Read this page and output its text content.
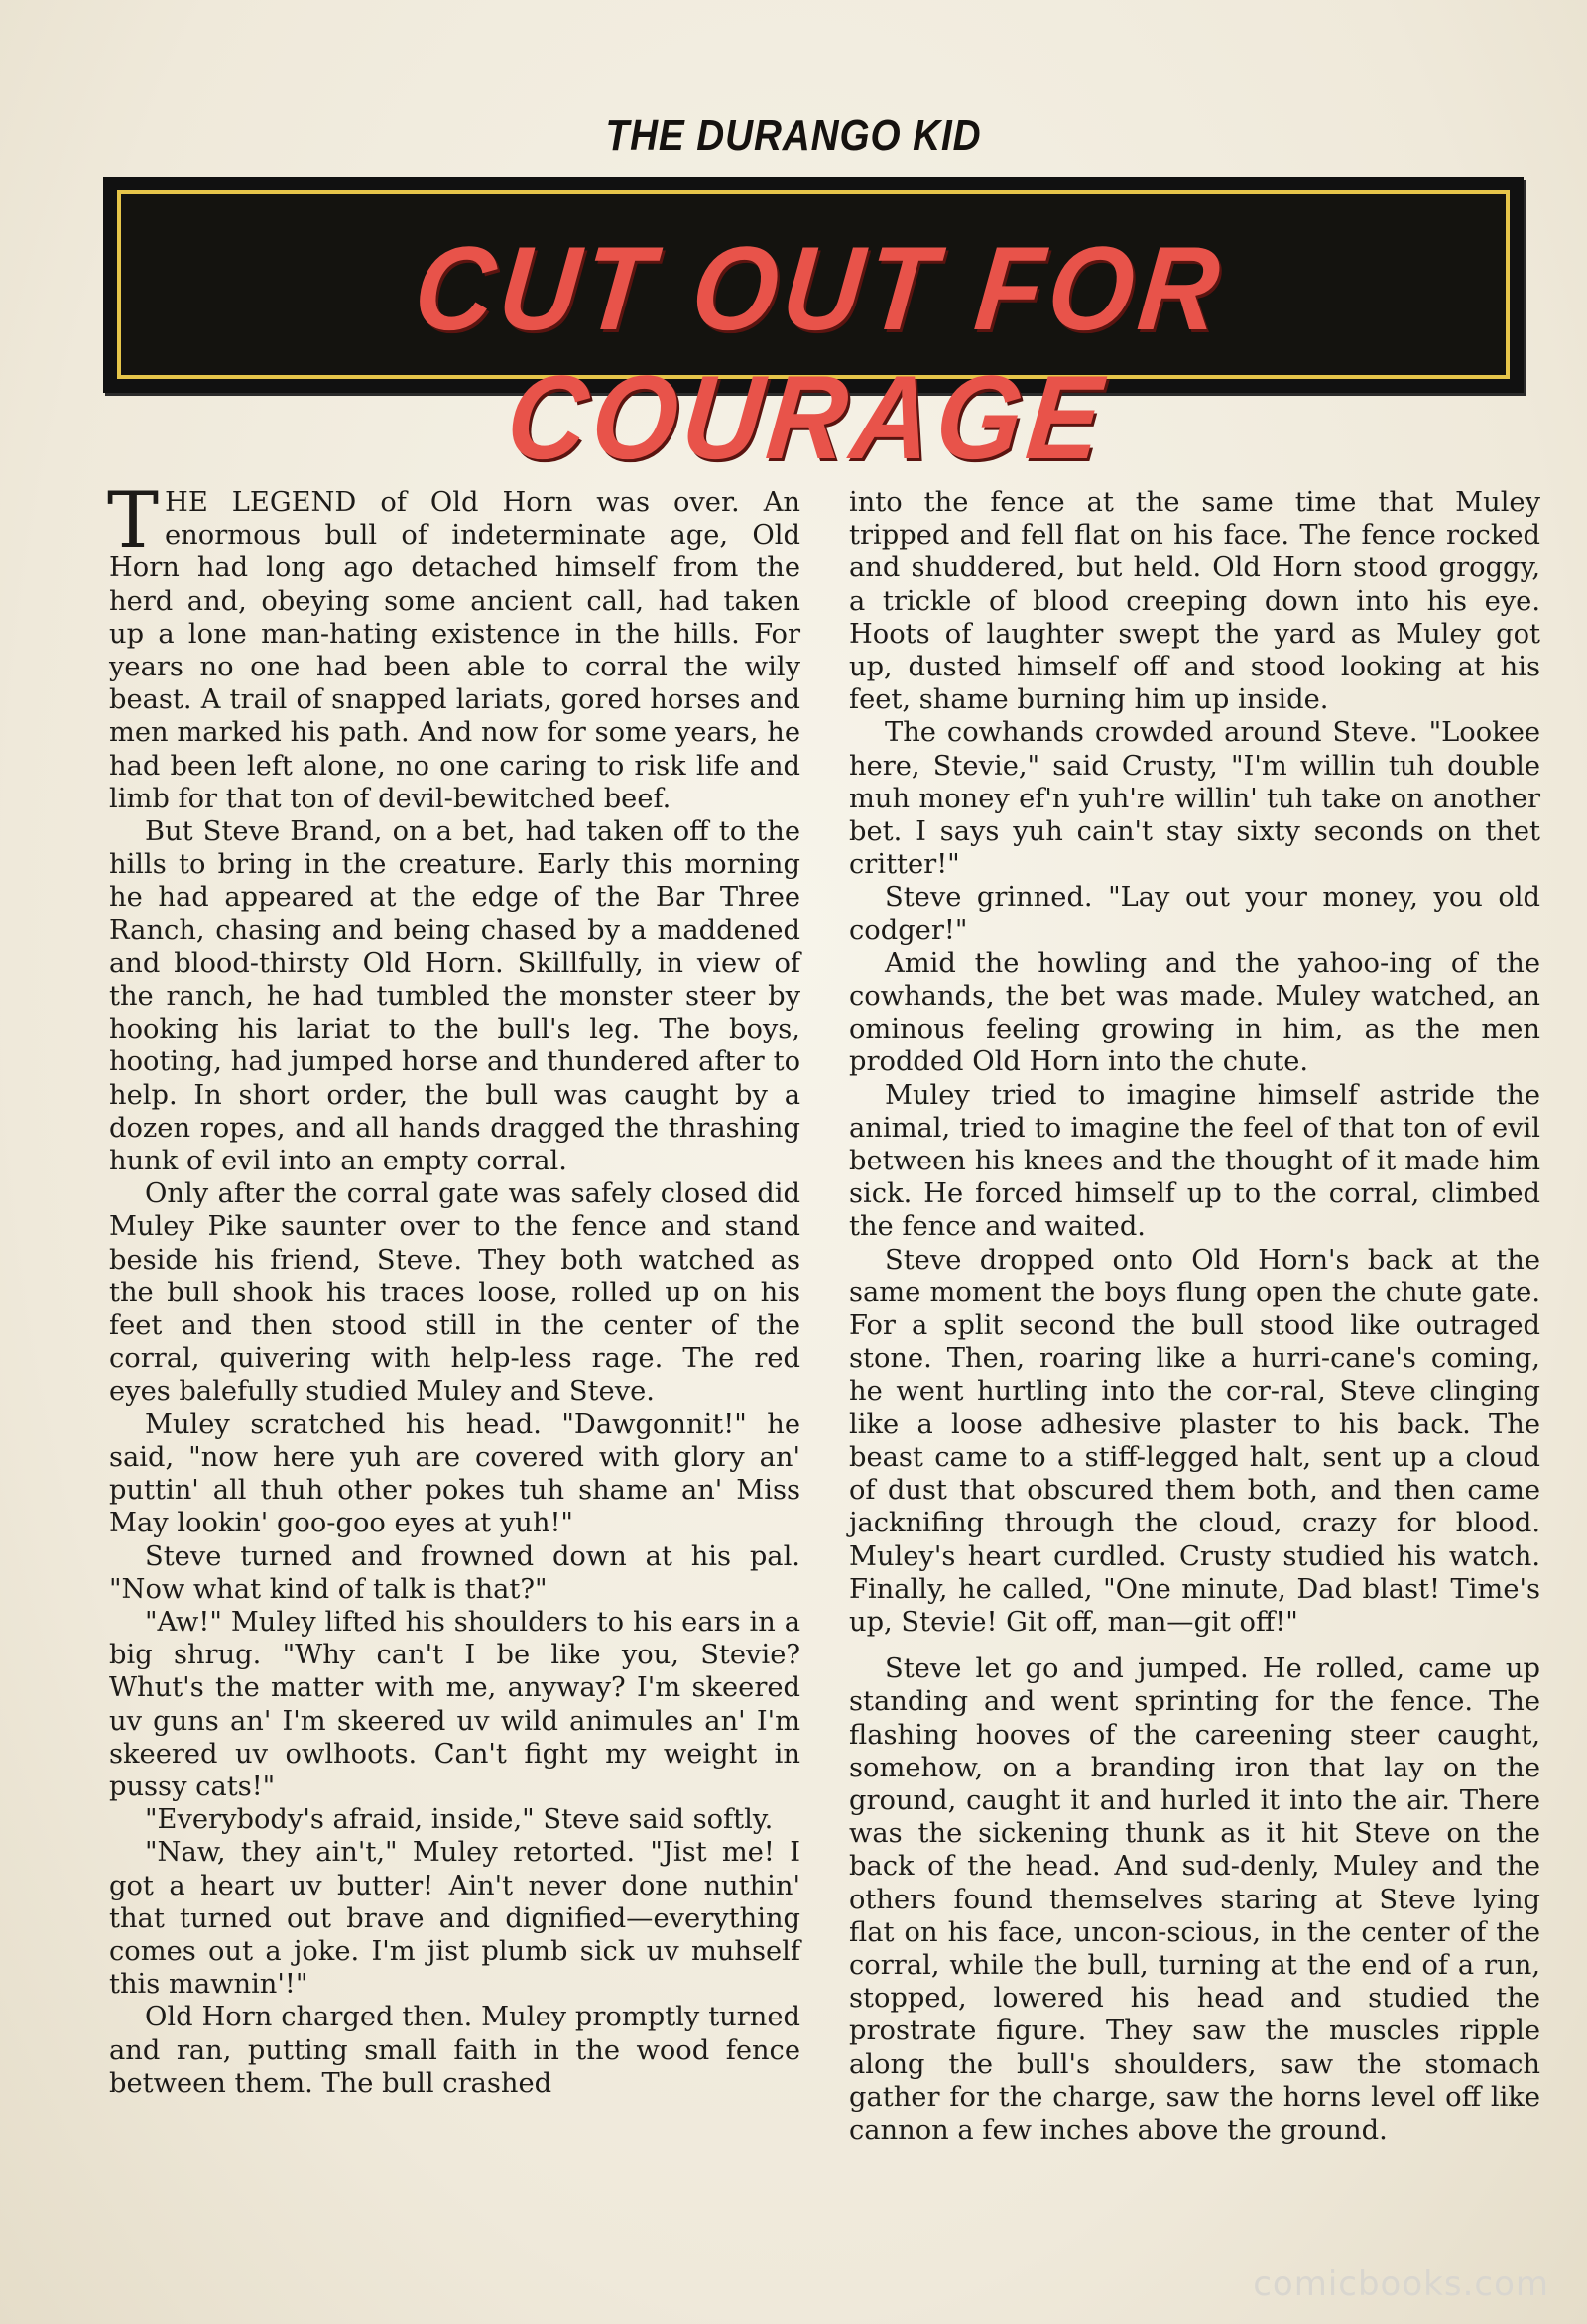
THE DURANGO KID
CUT OUT FOR COURAGE

THE LEGEND of Old Horn was over. An enormous bull of indeterminate age, Old Horn had long ago detached himself from the herd and, obeying some ancient call, had taken up a lone man-hating existence in the hills. For years no one had been able to corral the wily beast. A trail of snapped lariats, gored horses and men marked his path. And now for some years, he had been left alone, no one caring to risk life and limb for that ton of devil-bewitched beef.

But Steve Brand, on a bet, had taken off to the hills to bring in the creature. Early this morning he had appeared at the edge of the Bar Three Ranch, chasing and being chased by a maddened and blood-thirsty Old Horn. Skillfully, in view of the ranch, he had tumbled the monster steer by hooking his lariat to the bull's leg. The boys, hooting, had jumped horse and thundered after to help. In short order, the bull was caught by a dozen ropes, and all hands dragged the thrashing hunk of evil into an empty corral.

Only after the corral gate was safely closed did Muley Pike saunter over to the fence and stand beside his friend, Steve. They both watched as the bull shook his traces loose, rolled up on his feet and then stood still in the center of the corral, quivering with help-less rage. The red eyes balefully studied Muley and Steve.

Muley scratched his head. "Dawgonnit!" he said, "now here yuh are covered with glory an' puttin' all thuh other pokes tuh shame an' Miss May lookin' goo-goo eyes at yuh!"

Steve turned and frowned down at his pal. "Now what kind of talk is that?"

"Aw!" Muley lifted his shoulders to his ears in a big shrug. "Why can't I be like you, Stevie? Whut's the matter with me, anyway? I'm skeered uv guns an' I'm skeered uv wild animules an' I'm skeered uv owlhoots. Can't fight my weight in pussy cats!"

"Everybody's afraid, inside," Steve said softly.

"Naw, they ain't," Muley retorted. "Jist me! I got a heart uv butter! Ain't never done nuthin' that turned out brave and dignified—everything comes out a joke. I'm jist plumb sick uv muhself this mawnin'!"

Old Horn charged then. Muley promptly turned and ran, putting small faith in the wood fence between them. The bull crashed

into the fence at the same time that Muley tripped and fell flat on his face. The fence rocked and shuddered, but held. Old Horn stood groggy, a trickle of blood creeping down into his eye. Hoots of laughter swept the yard as Muley got up, dusted himself off and stood looking at his feet, shame burning him up inside.

The cowhands crowded around Steve. "Lookee here, Stevie," said Crusty, "I'm willin tuh double muh money ef'n yuh're willin' tuh take on another bet. I says yuh cain't stay sixty seconds on thet critter!"

Steve grinned. "Lay out your money, you old codger!"

Amid the howling and the yahoo-ing of the cowhands, the bet was made. Muley watched, an ominous feeling growing in him, as the men prodded Old Horn into the chute.

Muley tried to imagine himself astride the animal, tried to imagine the feel of that ton of evil between his knees and the thought of it made him sick. He forced himself up to the corral, climbed the fence and waited.

Steve dropped onto Old Horn's back at the same moment the boys flung open the chute gate. For a split second the bull stood like outraged stone. Then, roaring like a hurri-cane's coming, he went hurtling into the cor-ral, Steve clinging like a loose adhesive plaster to his back. The beast came to a stiff-legged halt, sent up a cloud of dust that obscured them both, and then came jacknifing through the cloud, crazy for blood. Muley's heart curdled. Crusty studied his watch. Finally, he called, "One minute, Dad blast! Time's up, Stevie! Git off, man—git off!"

Steve let go and jumped. He rolled, came up standing and went sprinting for the fence. The flashing hooves of the careening steer caught, somehow, on a branding iron that lay on the ground, caught it and hurled it into the air. There was the sickening thunk as it hit Steve on the back of the head. And sud-denly, Muley and the others found themselves staring at Steve lying flat on his face, uncon-scious, in the center of the corral, while the bull, turning at the end of a run, stopped, lowered his head and studied the prostrate figure. They saw the muscles ripple along the bull's shoulders, saw the stomach gather for the charge, saw the horns level off like cannon a few inches above the ground.

comicbooks.com
